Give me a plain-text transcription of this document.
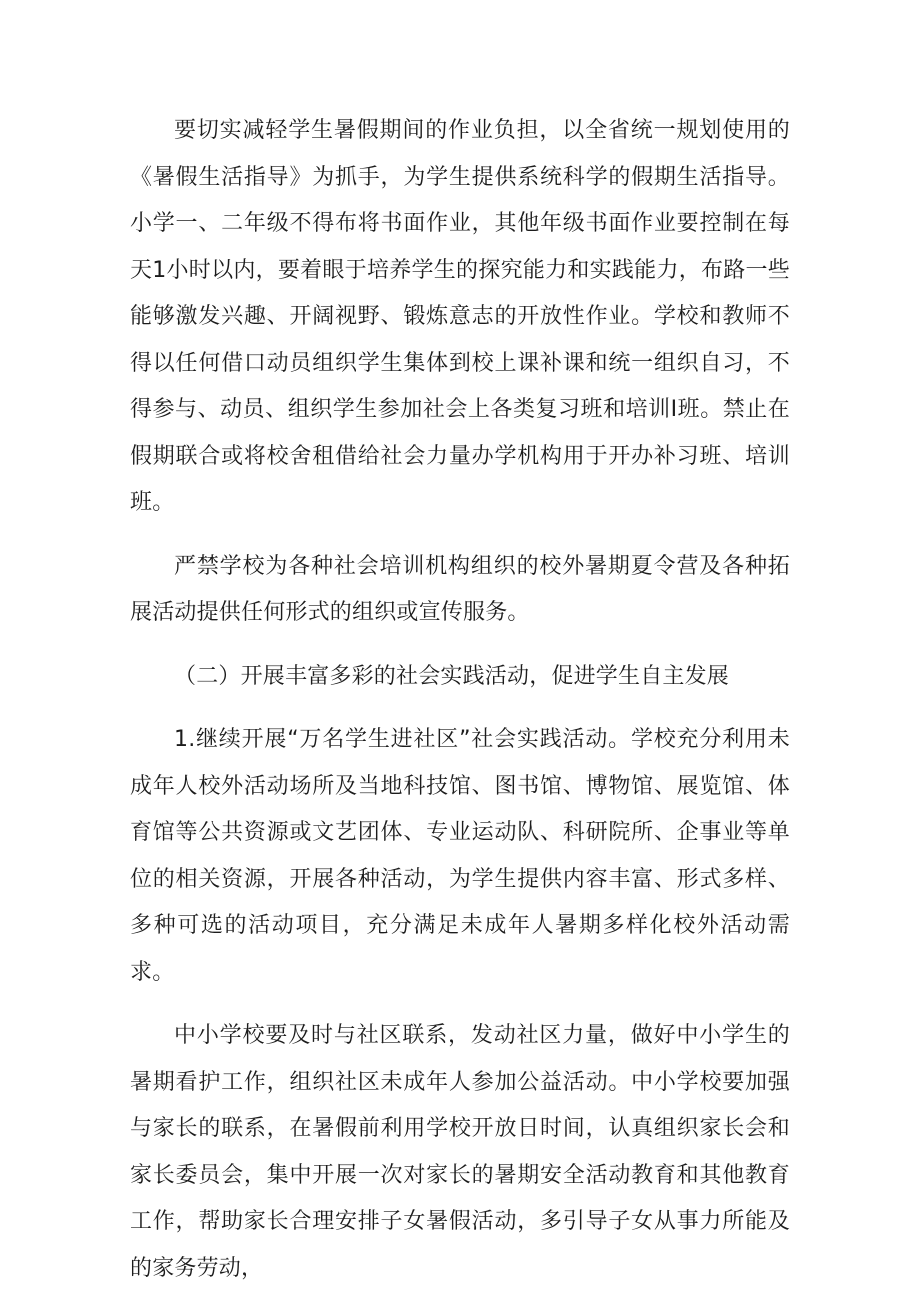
要切实减轻学生暑假期间的作业负担，以全省统一规划使用的《暑假生活指导》为抓手，为学生提供系统科学的假期生活指导。小学一、二年级不得布将书面作业，其他年级书面作业要控制在每天1小时以内，要着眼于培养学生的探究能力和实践能力，布路一些能够激发兴趣、开阔视野、锻炼意志的开放性作业。学校和教师不得以任何借口动员组织学生集体到校上课补课和统一组织自习，不得参与、动员、组织学生参加社会上各类复习班和培训I班。禁止在假期联合或将校舍租借给社会力量办学机构用于开办补习班、培训班。

严禁学校为各种社会培训机构组织的校外暑期夏令营及各种拓展活动提供任何形式的组织或宣传服务。

（二）开展丰富多彩的社会实践活动，促进学生自主发展

1.继续开展“万名学生进社区”社会实践活动。学校充分利用未成年人校外活动场所及当地科技馆、图书馆、博物馆、展览馆、体育馆等公共资源或文艺团体、专业运动队、科研院所、企事业等单位的相关资源，开展各种活动，为学生提供内容丰富、形式多样、多种可选的活动项目，充分满足未成年人暑期多样化校外活动需求。

中小学校要及时与社区联系，发动社区力量，做好中小学生的暑期看护工作，组织社区未成年人参加公益活动。中小学校要加强与家长的联系，在暑假前利用学校开放日时间，认真组织家长会和家长委员会，集中开展一次对家长的暑期安全活动教育和其他教育工作，帮助家长合理安排子女暑假活动，多引导子女从事力所能及的家务劳动，
